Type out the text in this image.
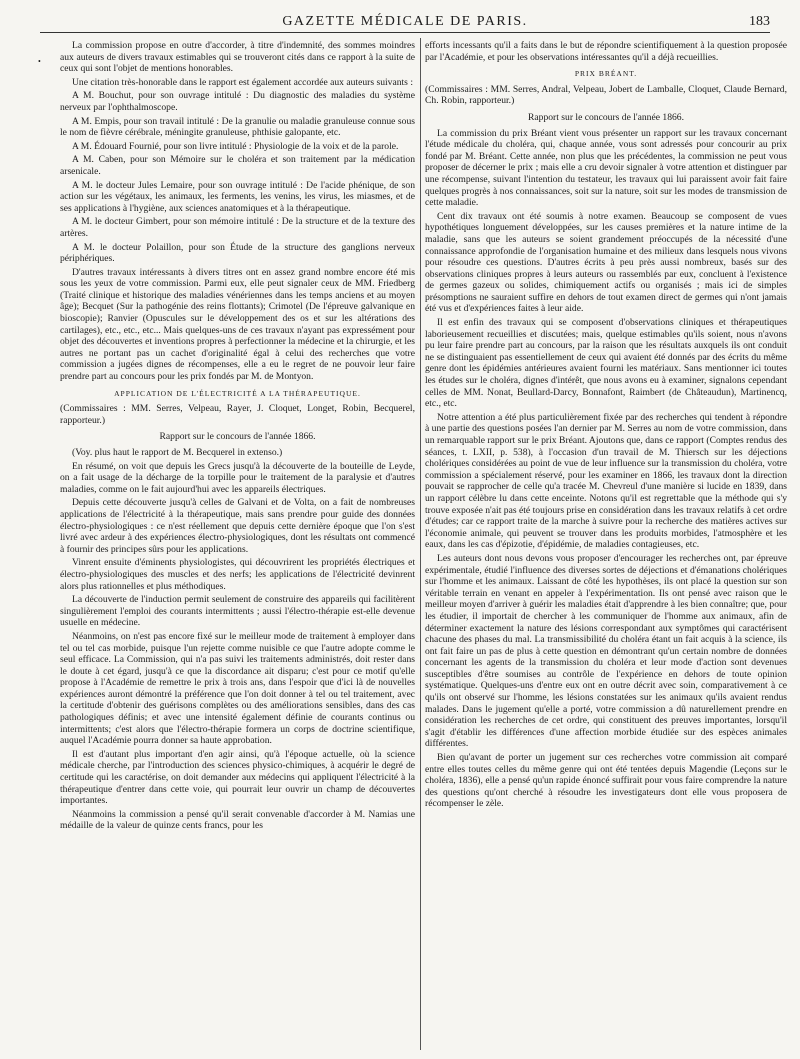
GAZETTE MÉDICALE DE PARIS.	183
•

La commission propose en outre d'accorder, à titre d'indemnité, des sommes moindres aux auteurs de divers travaux estimables qui se trouveront cités dans ce rapport à la suite de ceux qui sont l'objet de mentions honorables.

Une citation très-honorable dans le rapport est également accordée aux auteurs suivants :

A M. Bouchut, pour son ouvrage intitulé : Du diagnostic des maladies du système nerveux par l'ophthalmoscope.

A M. Empis, pour son travail intitulé : De la granulie ou maladie granuleuse connue sous le nom de fièvre cérébrale, méningite granuleuse, phthisie galopante, etc.

A M. Édouard Fournié, pour son livre intitulé : Physiologie de la voix et de la parole.

A M. Caben, pour son Mémoire sur le choléra et son traitement par la médication arsenicale.

A M. le docteur Jules Lemaire, pour son ouvrage intitulé : De l'acide phénique, de son action sur les végétaux, les animaux, les ferments, les venins, les virus, les miasmes, et de ses applications à l'hygiène, aux sciences anatomiques et à la thérapeutique.

A M. le docteur Gimbert, pour son mémoire intitulé : De la structure et de la texture des artères.

A M. le docteur Polaillon, pour son Étude de la structure des ganglions nerveux périphériques.

D'autres travaux intéressants à divers titres ont en assez grand nombre encore été mis sous les yeux de votre commission. Parmi eux, elle peut signaler ceux de MM. Friedberg (Traité clinique et historique des maladies vénériennes dans les temps anciens et au moyen âge); Becquet (Sur la pathogénie des reins flottants); Crimotel (De l'épreuve galvanique en bioscopie); Ranvier (Opuscules sur le développement des os et sur les altérations des cartilages), etc., etc., etc... Mais quelques-uns de ces travaux n'ayant pas expressément pour objet des découvertes et inventions propres à perfectionner la médecine et la chirurgie, et les autres ne portant pas un cachet d'originalité égal à celui des recherches que votre commission a jugées dignes de récompenses, elle a eu le regret de ne pouvoir leur faire prendre part au concours pour les prix fondés par M. de Montyon.

APPLICATION DE L'ÉLECTRICITÉ A LA THÉRAPEUTIQUE.

(Commissaires : MM. Serres, Velpeau, Rayer, J. Cloquet, Longet, Robin, Becquerel, rapporteur.)

Rapport sur le concours de l'année 1866.

(Voy. plus haut le rapport de M. Becquerel in extenso.)

En résumé, on voit que depuis les Grecs jusqu'à la découverte de la bouteille de Leyde, on a fait usage de la décharge de la torpille pour le traitement de la paralysie et d'autres maladies, comme on le fait aujourd'hui avec les appareils électriques.

Depuis cette découverte jusqu'à celles de Galvani et de Volta, on a fait de nombreuses applications de l'électricité à la thérapeutique, mais sans prendre pour guide des données électro-physiologiques : ce n'est réellement que depuis cette dernière époque que l'on s'est livré avec ardeur à des expériences électro-physiologiques, dont les résultats ont commencé à fournir des principes sûrs pour les applications.

Vinrent ensuite d'éminents physiologistes, qui découvrirent les propriétés électriques et électro-physiologiques des muscles et des nerfs; les applications de l'électricité devinrent alors plus rationnelles et plus méthodiques.

La découverte de l'induction permit seulement de construire des appareils qui facilitèrent singulièrement l'emploi des courants intermittents ; aussi l'électro-thérapie est-elle devenue usuelle en médecine.

Néanmoins, on n'est pas encore fixé sur le meilleur mode de traitement à employer dans tel ou tel cas morbide, puisque l'un rejette comme nuisible ce que l'autre adopte comme le seul efficace. La Commission, qui n'a pas suivi les traitements administrés, doit rester dans le doute à cet égard, jusqu'à ce que la discordance ait disparu; c'est pour ce motif qu'elle propose à l'Académie de remettre le prix à trois ans, dans l'espoir que d'ici là de nouvelles expériences auront démontré la préférence que l'on doit donner à tel ou tel traitement, avec la certitude d'obtenir des guérisons complètes ou des améliorations sensibles, dans des cas pathologiques définis; et avec une intensité également définie de courants continus ou intermittents; c'est alors que l'électro-thérapie formera un corps de doctrine scientifique, auquel l'Académie pourra donner sa haute approbation.

Il est d'autant plus important d'en agir ainsi, qu'à l'époque actuelle, où la science médicale cherche, par l'introduction des sciences physico-chimiques, à acquérir le degré de certitude qui les caractérise, on doit demander aux médecins qui appliquent l'électricité à la thérapeutique d'entrer dans cette voie, qui pourrait leur ouvrir un champ de découvertes importantes.

Néanmoins la commission a pensé qu'il serait convenable d'accorder à M. Namias une médaille de la valeur de quinze cents francs, pour les

efforts incessants qu'il a faits dans le but de répondre scientifiquement à la question proposée par l'Académie, et pour les observations intéressantes qu'il a déjà recueillies.

PRIX BRÉANT.

(Commissaires : MM. Serres, Andral, Velpeau, Jobert de Lamballe, Cloquet, Claude Bernard, Ch. Robin, rapporteur.)

Rapport sur le concours de l'année 1866.

La commission du prix Bréant vient vous présenter un rapport sur les travaux concernant l'étude médicale du choléra, qui, chaque année, vous sont adressés pour concourir au prix fondé par M. Bréant. Cette année, non plus que les précédentes, la commission ne peut vous proposer de décerner le prix ; mais elle a cru devoir signaler à votre attention et distinguer par une récompense, suivant l'intention du testateur, les travaux qui lui paraissent avoir fait faire quelques progrès à nos connaissances, soit sur la nature, soit sur les modes de transmission de cette maladie.

Cent dix travaux ont été soumis à notre examen. Beaucoup se composent de vues hypothétiques longuement développées, sur les causes premières et la nature intime de la maladie, sans que les auteurs se soient grandement préoccupés de la nécessité d'une connaissance approfondie de l'organisation humaine et des milieux dans lesquels nous vivons pour résoudre ces questions. D'autres écrits à peu près aussi nombreux, basés sur des observations cliniques propres à leurs auteurs ou rassemblés par eux, concluent à l'existence de germes gazeux ou solides, chimiquement actifs ou organisés ; mais ici de simples présomptions ne sauraient suffire en dehors de tout examen direct de germes qui n'ont jamais été vus et d'expériences faites à leur aide.

Il est enfin des travaux qui se composent d'observations cliniques et thérapeutiques laborieusement recueillies et discutées; mais, quelque estimables qu'ils soient, nous n'avons pu leur faire prendre part au concours, par la raison que les résultats auxquels ils ont conduit ne se distinguaient pas essentiellement de ceux qui avaient été donnés par des écrits du même genre dont les épidémies antérieures avaient fourni les matériaux. Sans mentionner ici toutes les études sur le choléra, dignes d'intérêt, que nous avons eu à examiner, signalons cependant celles de MM. Nonat, Beullard-Darcy, Bonnafont, Raimbert (de Châteaudun), Martinencq, etc., etc.

Notre attention a été plus particulièrement fixée par des recherches qui tendent à répondre à une partie des questions posées l'an dernier par M. Serres au nom de votre commission, dans un remarquable rapport sur le prix Bréant. Ajoutons que, dans ce rapport (Comptes rendus des séances, t. LXII, p. 538), à l'occasion d'un travail de M. Thiersch sur les déjections cholériques considérées au point de vue de leur influence sur la transmission du choléra, votre commission a spécialement réservé, pour les examiner en 1866, les travaux dont la direction pouvait se rapprocher de celle qu'a tracée M. Chevreul d'une manière si lucide en 1839, dans un rapport célèbre lu dans cette enceinte. Notons qu'il est regrettable que la méthode qui s'y trouve exposée n'ait pas été toujours prise en considération dans les travaux relatifs à cet ordre d'études; car ce rapport traite de la marche à suivre pour la recherche des matières actives sur l'économie animale, qui peuvent se trouver dans les produits morbides, l'atmosphère et les eaux, dans les cas d'épizotie, d'épidémie, de maladies contagieuses, etc.

Les auteurs dont nous devons vous proposer d'encourager les recherches ont, par épreuve expérimentale, étudié l'influence des diverses sortes de déjections et d'émanations cholériques sur l'homme et les animaux. Laissant de côté les hypothèses, ils ont placé la question sur son véritable terrain en venant en appeler à l'expérimentation. Ils ont pensé avec raison que le meilleur moyen d'arriver à guérir les maladies était d'apprendre à les bien connaître; que, pour les étudier, il importait de chercher à les communiquer de l'homme aux animaux, afin de déterminer exactement la nature des lésions correspondant aux symptômes qui caractérisent chacune des phases du mal. La transmissibilité du choléra étant un fait acquis à la science, ils ont fait faire un pas de plus à cette question en démontrant qu'un certain nombre de données concernant les agents de la transmission du choléra et leur mode d'action sont devenues susceptibles d'être soumises au contrôle de l'expérience en dehors de toute opinion systématique. Quelques-uns d'entre eux ont en outre décrit avec soin, comparativement à ce qu'ils ont observé sur l'homme, les lésions constatées sur les animaux qu'ils avaient rendus malades. Dans le jugement qu'elle a porté, votre commission a dû naturellement prendre en considération les recherches de cet ordre, qui constituent des preuves importantes, lorsqu'il s'agit d'établir les différences d'une affection morbide étudiée sur des espèces animales différentes.

Bien qu'avant de porter un jugement sur ces recherches votre commission ait comparé entre elles toutes celles du même genre qui ont été tentées depuis Magendie (Leçons sur le choléra, 1836), elle a pensé qu'un rapide énoncé suffirait pour vous faire comprendre la nature des questions qu'ont cherché à résoudre les investigateurs dont elle vous proposera de récompenser le zèle.
